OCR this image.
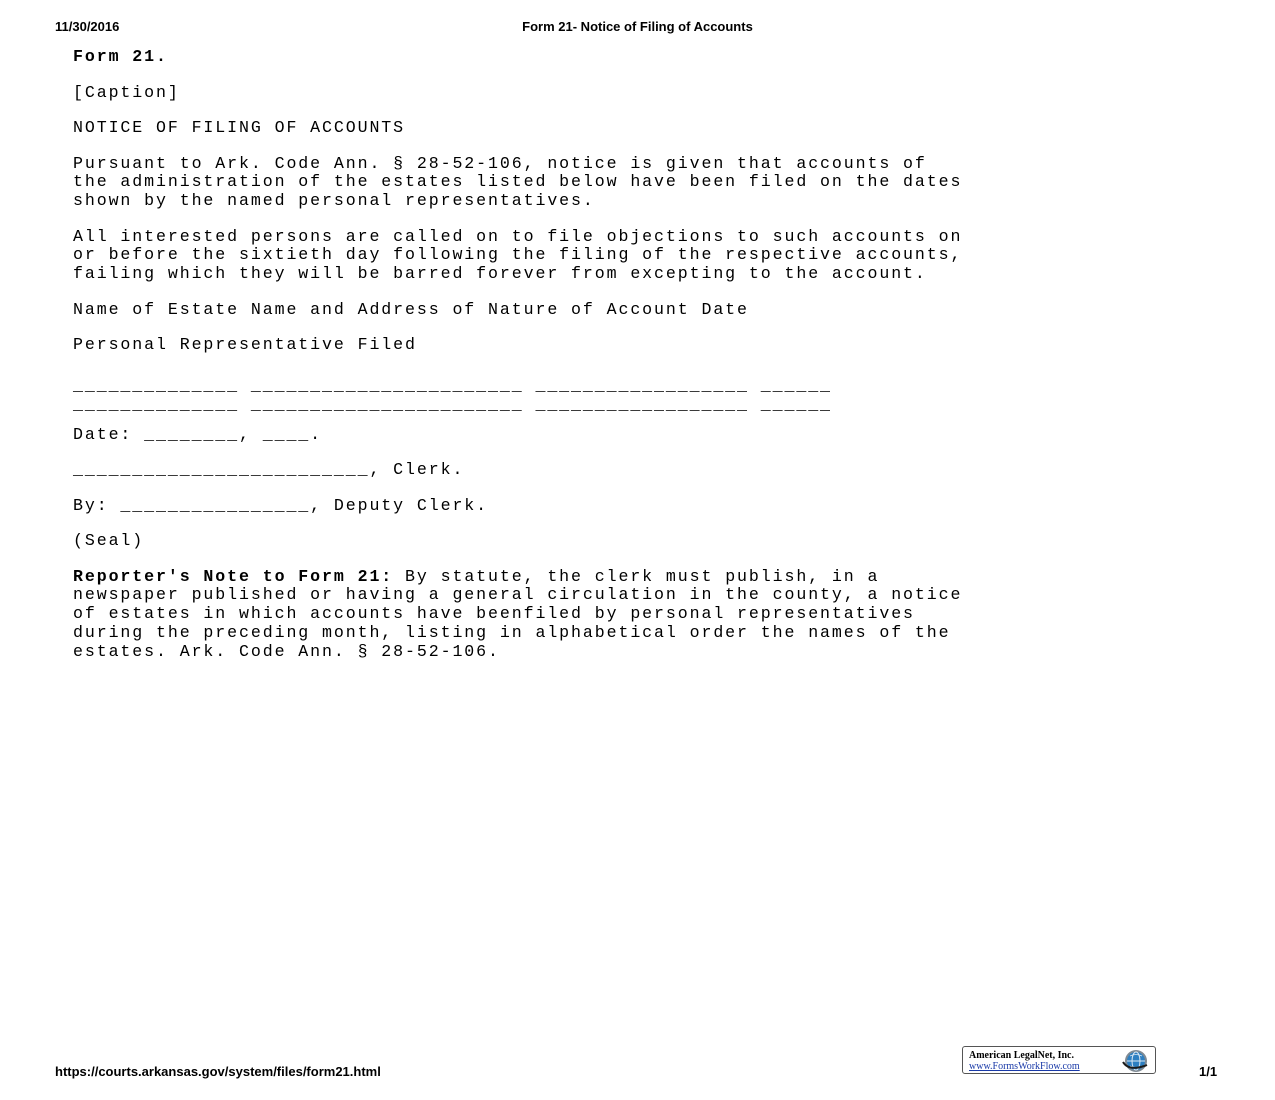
11/30/2016	Form 21- Notice of Filing of Accounts

Form 21.

[Caption]

NOTICE OF FILING OF ACCOUNTS

Pursuant to Ark. Code Ann. § 28-52-106, notice is given that accounts of

the administration of the estates listed below have been filed on the dates

shown by the named personal representatives.

All interested persons are called on to file objections to such accounts on

or before the sixtieth day following the filing of the respective accounts,

failing which they will be barred forever from excepting to the account.

Name of Estate Name and Address of Nature of Account Date

Personal Representative Filed

______________ _______________________ __________________ ______

______________ _______________________ __________________ ______

Date: ________, ____.

_________________________, Clerk.

By: ________________, Deputy Clerk.

(Seal)

Reporter's Note to Form 21: By statute, the clerk must publish, in a

newspaper published or having a general circulation in the county, a notice

of estates in which accounts have beenfiled by personal representatives

during the preceding month, listing in alphabetical order the names of the

estates. Ark. Code Ann. § 28-52-106.

American LegalNet, Inc.
www.FormsWorkFlow.com
https://courts.arkansas.gov/system/files/form21.html	1/1
